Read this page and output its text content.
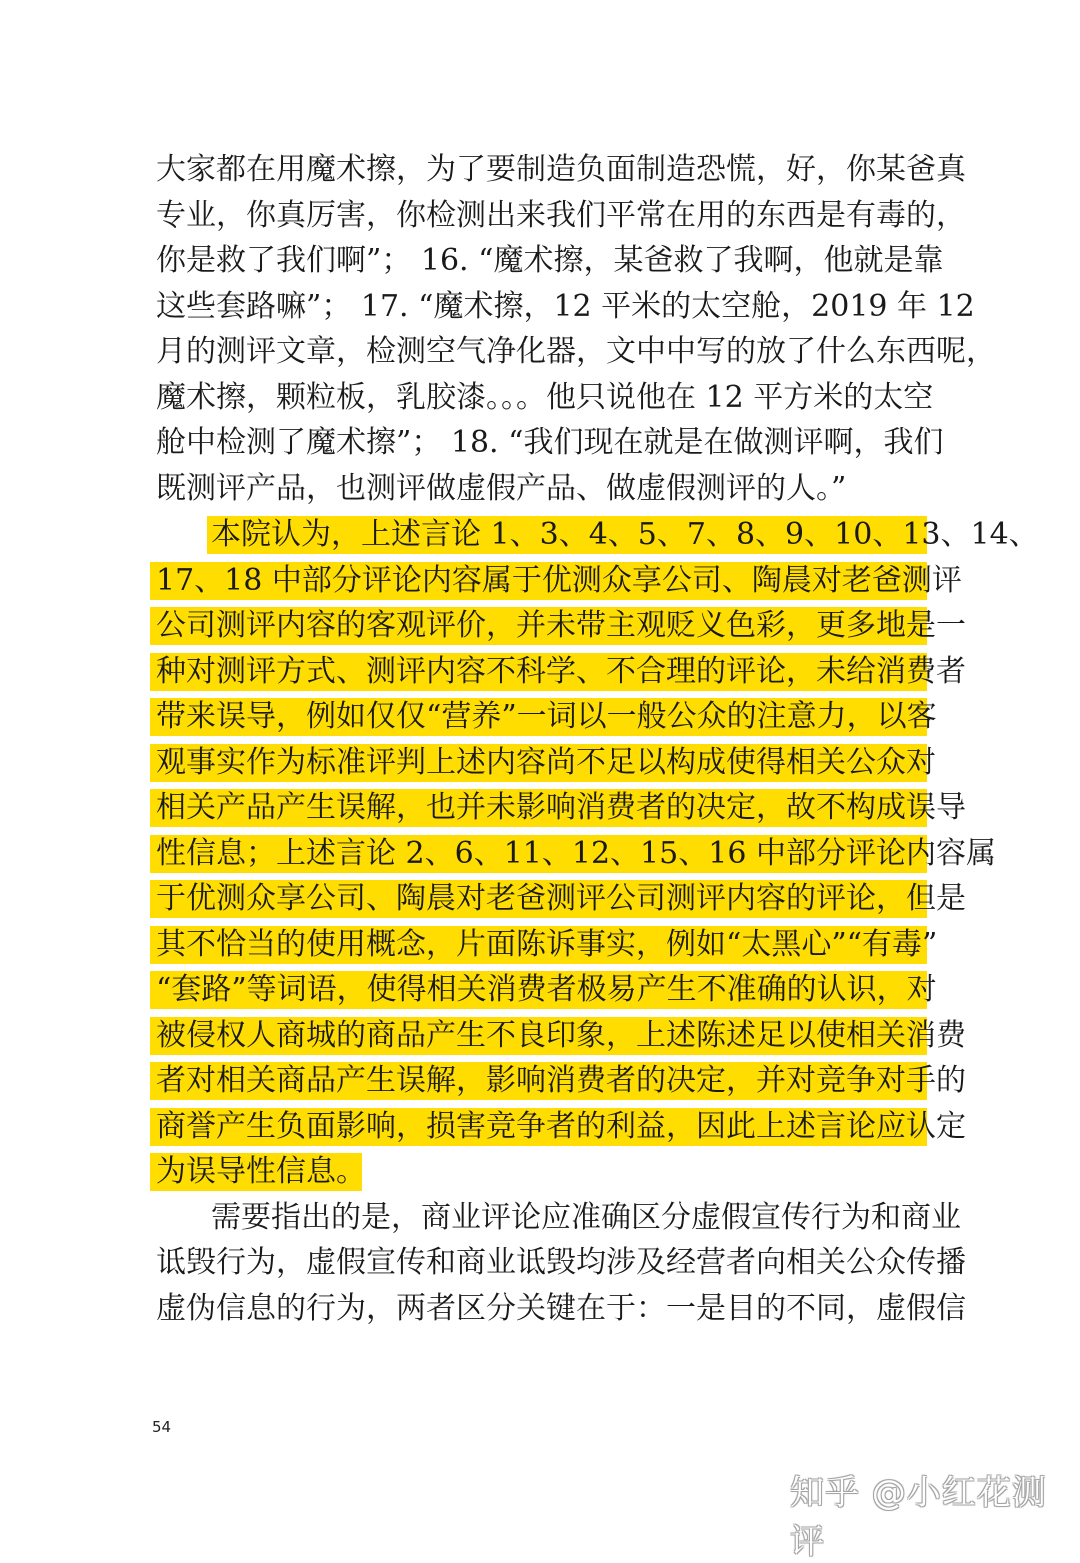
大家都在用魔术擦，为了要制造负面制造恐慌，好，你某爸真
专业，你真厉害，你检测出来我们平常在用的东西是有毒的，
你是救了我们啊”； 16. “魔术擦，某爸救了我啊，他就是靠
这些套路嘛”； 17. “魔术擦，12 平米的太空舱，2019 年 12
月的测评文章，检测空气净化器，文中中写的放了什么东西呢，
魔术擦，颗粒板，乳胶漆。。。他只说他在 12 平方米的太空
舱中检测了魔术擦”； 18. “我们现在就是在做测评啊，我们
既测评产品，也测评做虚假产品、做虚假测评的人。”
本院认为，上述言论 1、3、4、5、7、8、9、10、13、14、
17、18 中部分评论内容属于优测众享公司、陶晨对老爸测评
公司测评内容的客观评价，并未带主观贬义色彩，更多地是一
种对测评方式、测评内容不科学、不合理的评论，未给消费者
带来误导，例如仅仅“营养”一词以一般公众的注意力，以客
观事实作为标准评判上述内容尚不足以构成使得相关公众对
相关产品产生误解，也并未影响消费者的决定，故不构成误导
性信息；上述言论 2、6、11、12、15、16 中部分评论内容属
于优测众享公司、陶晨对老爸测评公司测评内容的评论，但是
其不恰当的使用概念，片面陈诉事实，例如“太黑心”“有毒”
“套路”等词语，使得相关消费者极易产生不准确的认识，对
被侵权人商城的商品产生不良印象，上述陈述足以使相关消费
者对相关商品产生误解，影响消费者的决定，并对竞争对手的
商誉产生负面影响，损害竞争者的利益，因此上述言论应认定
为误导性信息。
需要指出的是，商业评论应准确区分虚假宣传行为和商业
诋毁行为，虚假宣传和商业诋毁均涉及经营者向相关公众传播
虚伪信息的行为，两者区分关键在于：一是目的不同，虚假信
54
知乎 @小红花测评
